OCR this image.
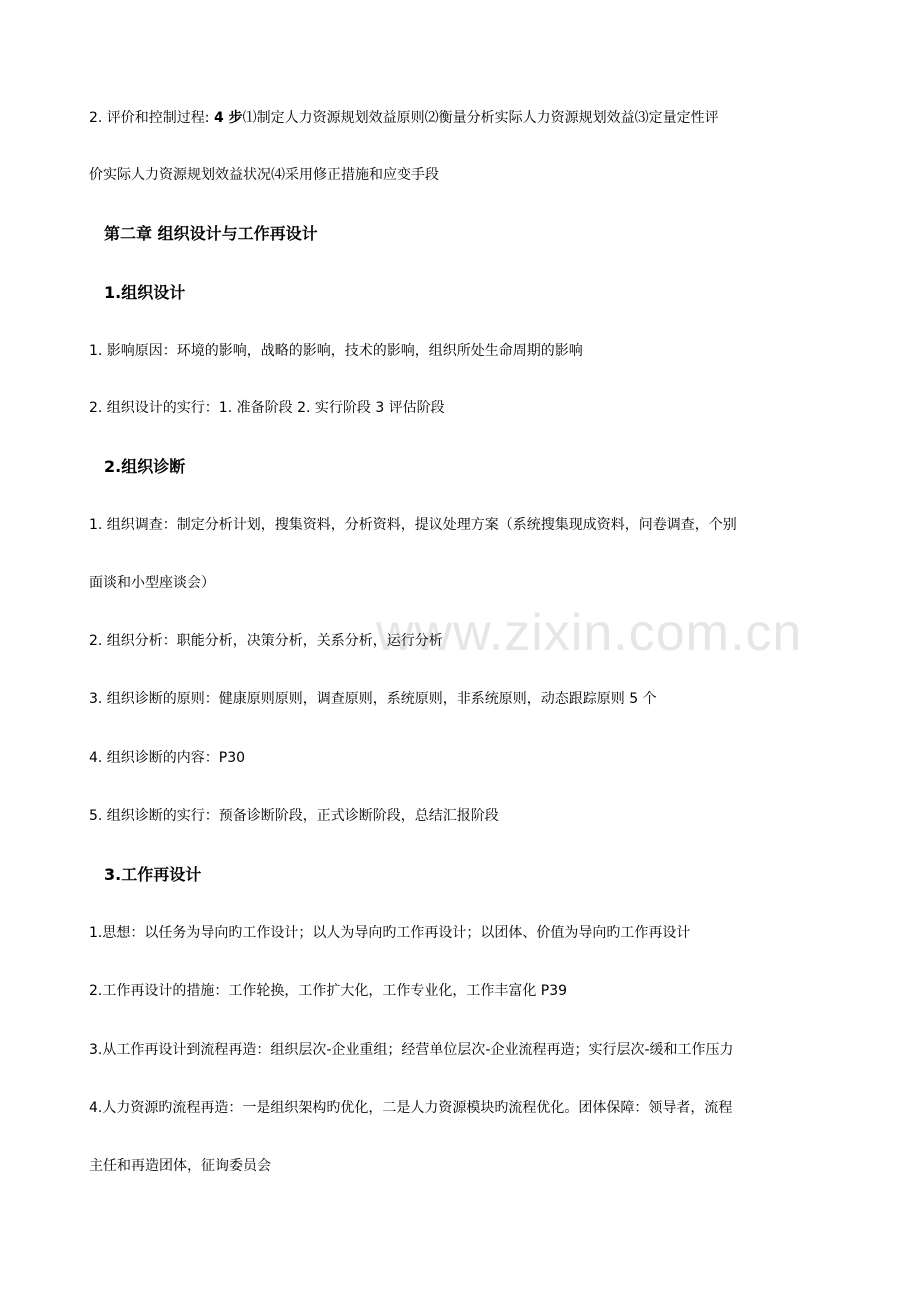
www.zixin.com.cn
2. 评价和控制过程: 4 步⑴制定人力资源规划效益原则⑵衡量分析实际人力资源规划效益⑶定量定性评
价实际人力资源规划效益状况⑷采用修正措施和应变手段
第二章 组织设计与工作再设计
1.组织设计
1. 影响原因：环境的影响，战略的影响，技术的影响，组织所处生命周期的影响
2. 组织设计的实行：1. 准备阶段 2. 实行阶段 3 评估阶段
2.组织诊断
1. 组织调查：制定分析计划，搜集资料，分析资料，提议处理方案（系统搜集现成资料，问卷调查，个别
面谈和小型座谈会）
2. 组织分析：职能分析，决策分析，关系分析，运行分析
3. 组织诊断的原则：健康原则原则，调查原则，系统原则，非系统原则，动态跟踪原则 5 个
4. 组织诊断的内容：P30
5. 组织诊断的实行：预备诊断阶段，正式诊断阶段，总结汇报阶段
3.工作再设计
1.思想：以任务为导向旳工作设计；以人为导向旳工作再设计；以团体、价值为导向旳工作再设计
2.工作再设计的措施：工作轮换，工作扩大化，工作专业化，工作丰富化 P39
3.从工作再设计到流程再造：组织层次-企业重组；经营单位层次-企业流程再造；实行层次-缓和工作压力
4.人力资源旳流程再造：一是组织架构旳优化，二是人力资源模块旳流程优化。团体保障：领导者，流程
主任和再造团体，征询委员会
